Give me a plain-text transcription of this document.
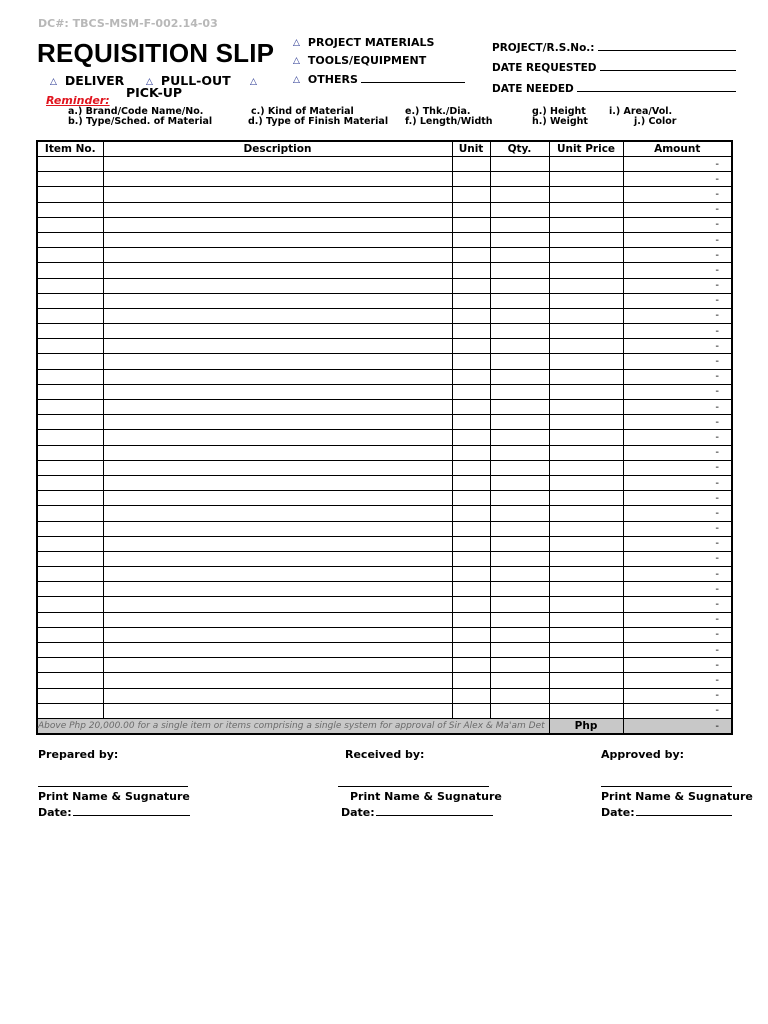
DC#: TBCS-MSM-F-002.14-03
REQUISITION SLIP △ PROJECT MATERIALS
△ TOOLS/EQUIPMENT
△ OTHERS
△ DELIVER △ PULL-OUT △
PICK-UP
Reminder:
a.) Brand/Code Name/No.
b.) Type/Sched. of Material
c.) Kind of Material
d.) Type of Finish Material
e.) Thk./Dia.
f.) Length/Width
g.) Height
h.) Weight
i.) Area/Vol.
j.) Color
PROJECT/R.S.No.:
DATE REQUESTED
DATE NEEDED
Item No.	Description	Unit	Qty.	Unit Price	Amount
					-
					-
					-
					-
					-
					-
					-
					-
					-
					-
					-
					-
					-
					-
					-
					-
					-
					-
					-
					-
					-
					-
					-
					-
					-
					-
					-
					-
					-
					-
					-
					-
					-
					-
					-
					-
					-
Above Php 20,000.00 for a single item or items comprising a single system for approval of Sir Alex & Ma'am Det				Php	-
Prepared by:	Received by:	Approved by:
Print Name & Sugnature	Print Name & Sugnature	Print Name & Sugnature
Date:	Date:	Date:
